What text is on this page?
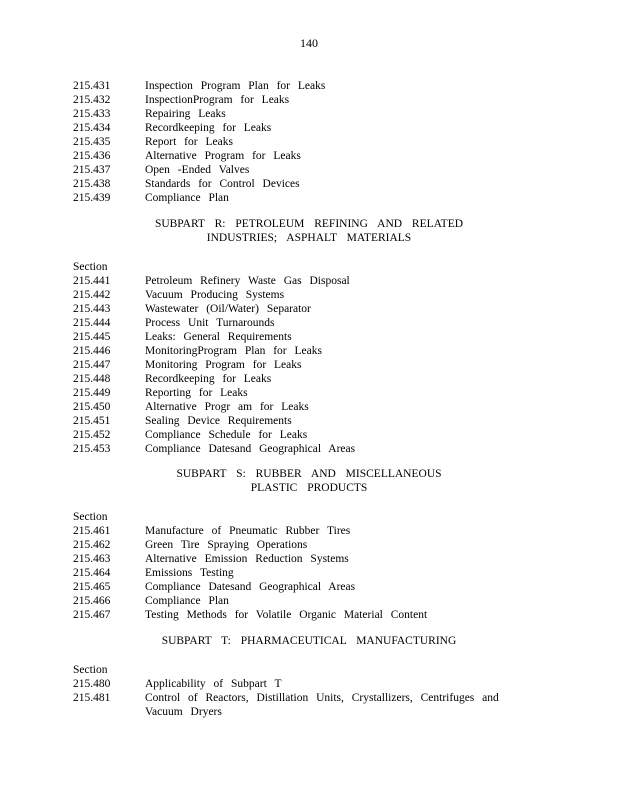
140
215.431	Inspection Program Plan for Leaks
215.432	InspectionProgram for Leaks
215.433	Repairing Leaks
215.434	Recordkeeping for Leaks
215.435	Report for Leaks
215.436	Alternative Program for Leaks
215.437	Open -Ended Valves
215.438	Standards for Control Devices
215.439	Compliance Plan
SUBPART R: PETROLEUM REFINING AND RELATED
INDUSTRIES; ASPHALT MATERIALS
Section
215.441	Petroleum Refinery Waste Gas Disposal
215.442	Vacuum Producing Systems
215.443	Wastewater (Oil/Water) Separator
215.444	Process Unit Turnarounds
215.445	Leaks: General Requirements
215.446	MonitoringProgram Plan for Leaks
215.447	Monitoring Program for Leaks
215.448	Recordkeeping for Leaks
215.449	Reporting for Leaks
215.450	Alternative Progr am for Leaks
215.451	Sealing Device Requirements
215.452	Compliance Schedule for Leaks
215.453	Compliance Datesand Geographical Areas
SUBPART S: RUBBER AND MISCELLANEOUS
PLASTIC PRODUCTS
Section
215.461	Manufacture of Pneumatic Rubber Tires
215.462	Green Tire Spraying Operations
215.463	Alternative Emission Reduction Systems
215.464	Emissions Testing
215.465	Compliance Datesand Geographical Areas
215.466	Compliance Plan
215.467	Testing Methods for Volatile Organic Material Content
SUBPART T: PHARMACEUTICAL MANUFACTURING
Section
215.480	Applicability of Subpart T
215.481	Control of Reactors, Distillation Units, Crystallizers, Centrifuges and Vacuum Dryers
